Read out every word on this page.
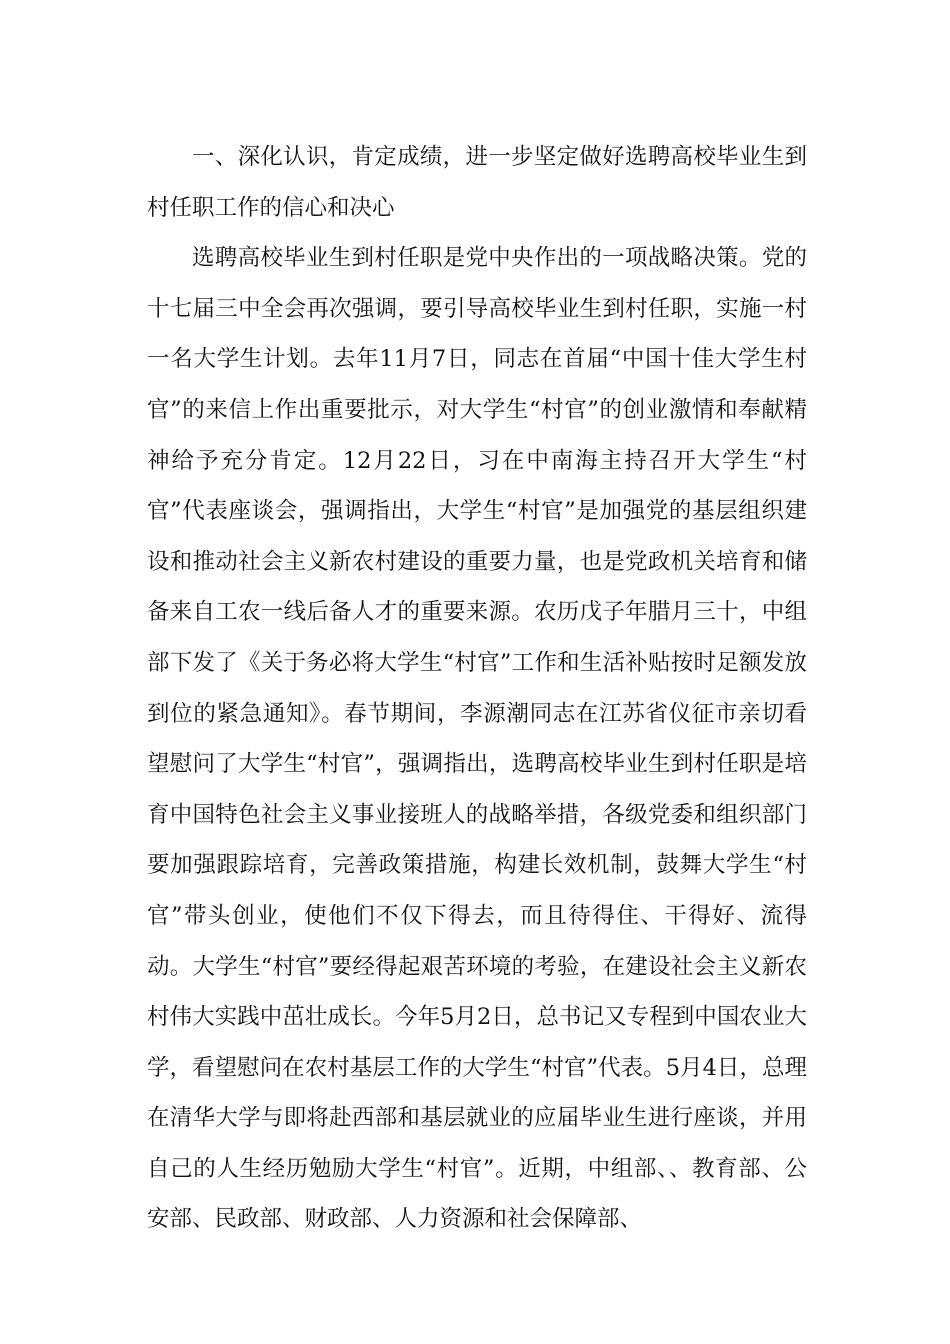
一、深化认识，肯定成绩，进一步坚定做好选聘高校毕业生到村任职工作的信心和决心

选聘高校毕业生到村任职是党中央作出的一项战略决策。党的十七届三中全会再次强调，要引导高校毕业生到村任职，实施一村一名大学生计划。去年11月7日，同志在首届“中国十佳大学生村官”的来信上作出重要批示，对大学生“村官”的创业激情和奉献精神给予充分肯定。12月22日，习在中南海主持召开大学生“村官”代表座谈会，强调指出，大学生“村官”是加强党的基层组织建设和推动社会主义新农村建设的重要力量，也是党政机关培育和储备来自工农一线后备人才的重要来源。农历戊子年腊月三十，中组部下发了《关于务必将大学生“村官”工作和生活补贴按时足额发放到位的紧急通知》。春节期间，李源潮同志在江苏省仪征市亲切看望慰问了大学生“村官”，强调指出，选聘高校毕业生到村任职是培育中国特色社会主义事业接班人的战略举措，各级党委和组织部门要加强跟踪培育，完善政策措施，构建长效机制，鼓舞大学生“村官”带头创业，使他们不仅下得去，而且待得住、干得好、流得动。大学生“村官”要经得起艰苦环境的考验，在建设社会主义新农村伟大实践中茁壮成长。今年5月2日，总书记又专程到中国农业大学，看望慰问在农村基层工作的大学生“村官”代表。5月4日，总理在清华大学与即将赴西部和基层就业的应届毕业生进行座谈，并用自己的人生经历勉励大学生“村官”。近期，中组部、、教育部、公安部、民政部、财政部、人力资源和社会保障部、
